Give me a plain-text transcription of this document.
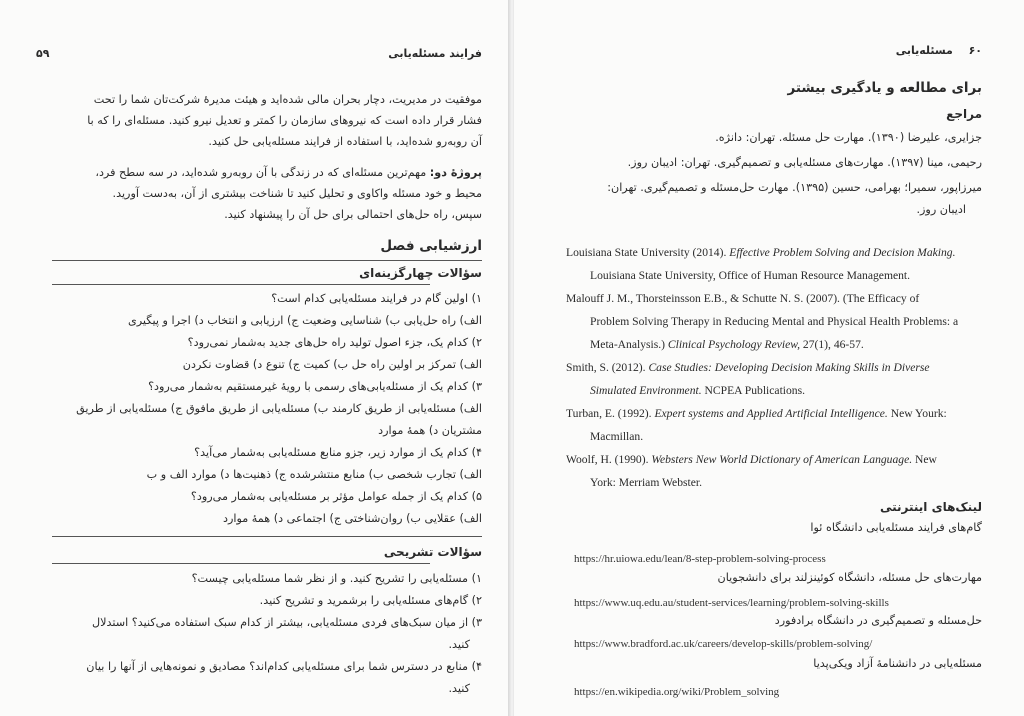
فرایند مسئله‌یابی
۵۹
موفقیت در مدیریت، دچار بحران مالی شده‌اید و هیئت مدیرهٔ شرکت‌تان شما را تحت
فشار قرار داده است که نیروهای سازمان را کمتر و تعدیل نیرو کنید. مسئله‌ای را که با
آن روبه‌رو شده‌اید، با استفاده از فرایند مسئله‌یابی حل کنید.
پروژهٔ دو: مهم‌ترین مسئله‌ای که در زندگی با آن روبه‌رو شده‌اید، در سه سطح فرد،
محیط و خود مسئله واکاوی و تحلیل کنید تا شناخت بیشتری از آن، به‌دست آورید.
سپس، راه حل‌های احتمالی برای حل آن را پیشنهاد کنید.
ارزشیابی فصل
سؤالات چهارگزینه‌ای
۱) اولین گام در فرایند مسئله‌یابی کدام است؟
الف) راه حل‌یابی ب) شناسایی وضعیت ج) ارزیابی و انتخاب د) اجرا و پیگیری
۲) کدام یک، جزء اصول تولید راه حل‌های جدید به‌شمار نمی‌رود؟
الف) تمرکز بر اولین راه حل ب) کمیت ج) تنوع د) قضاوت نکردن
۳) کدام یک از مسئله‌یابی‌های رسمی با رویهٔ غیرمستقیم به‌شمار می‌رود؟
الف) مسئله‌یابی از طریق کارمند ب) مسئله‌یابی از طریق مافوق ج) مسئله‌یابی از طریق
مشتریان د) همهٔ موارد
۴) کدام یک از موارد زیر، جزو منابع مسئله‌یابی به‌شمار می‌آید؟
الف) تجارب شخصی ب) منابع منتشرشده ج) ذهنیت‌ها د) موارد الف و ب
۵) کدام یک از جمله عوامل مؤثر بر مسئله‌یابی به‌شمار می‌رود؟
الف) عقلایی ب) روان‌شناختی ج) اجتماعی د) همهٔ موارد
سؤالات تشریحی
۱) مسئله‌یابی را تشریح کنید. و از نظر شما مسئله‌یابی چیست؟
۲) گام‌های مسئله‌یابی را برشمرید و تشریح کنید.
۳) از میان سبک‌های فردی مسئله‌یابی، بیشتر از کدام سبک استفاده می‌کنید؟ استدلال
کنید.
۴) منابع در دسترس شما برای مسئله‌یابی کدام‌اند؟ مصادیق و نمونه‌هایی از آنها را بیان
کنید.
۶۰  مسئله‌یابی
برای مطالعه و یادگیری بیشتر
مراجع
جزایری، علیرضا (۱۳۹۰). مهارت حل مسئله. تهران: دانژه.
رحیمی، مینا (۱۳۹۷). مهارت‌های مسئله‌یابی و تصمیم‌گیری. تهران: ادیبان روز.
میرزاپور، سمیرا؛ بهرامی، حسین (۱۳۹۵). مهارت حل‌مسئله و تصمیم‌گیری. تهران:
ادیبان روز.
Louisiana State University (2014). Effective Problem Solving and Decision Making.
Louisiana State University, Office of Human Resource Management.
Malouff J. M., Thorsteinsson E.B., & Schutte N. S. (2007). (The Efficacy of
Problem Solving Therapy in Reducing Mental and Physical Health Problems: a
Meta-Analysis.) Clinical Psychology Review, 27(1), 46-57.
Smith, S. (2012). Case Studies: Developing Decision Making Skills in Diverse
Simulated Environment. NCPEA Publications.
Turban, E. (1992). Expert systems and Applied Artificial Intelligence. New Yourk:
Macmillan.
Woolf, H. (1990). Websters New World Dictionary of American Language. New
York: Merriam Webster.
لینک‌های اینترنتی
گام‌های فرایند مسئله‌یابی دانشگاه ئوا
https://hr.uiowa.edu/lean/8-step-problem-solving-process
مهارت‌های حل مسئله، دانشگاه کوئینزلند برای دانشجویان
https://www.uq.edu.au/student-services/learning/problem-solving-skills
حل‌مسئله و تصمیم‌گیری در دانشگاه برادفورد
https://www.bradford.ac.uk/careers/develop-skills/problem-solving/
مسئله‌یابی در دانشنامهٔ آزاد ویکی‌پدیا
https://en.wikipedia.org/wiki/Problem_solving
